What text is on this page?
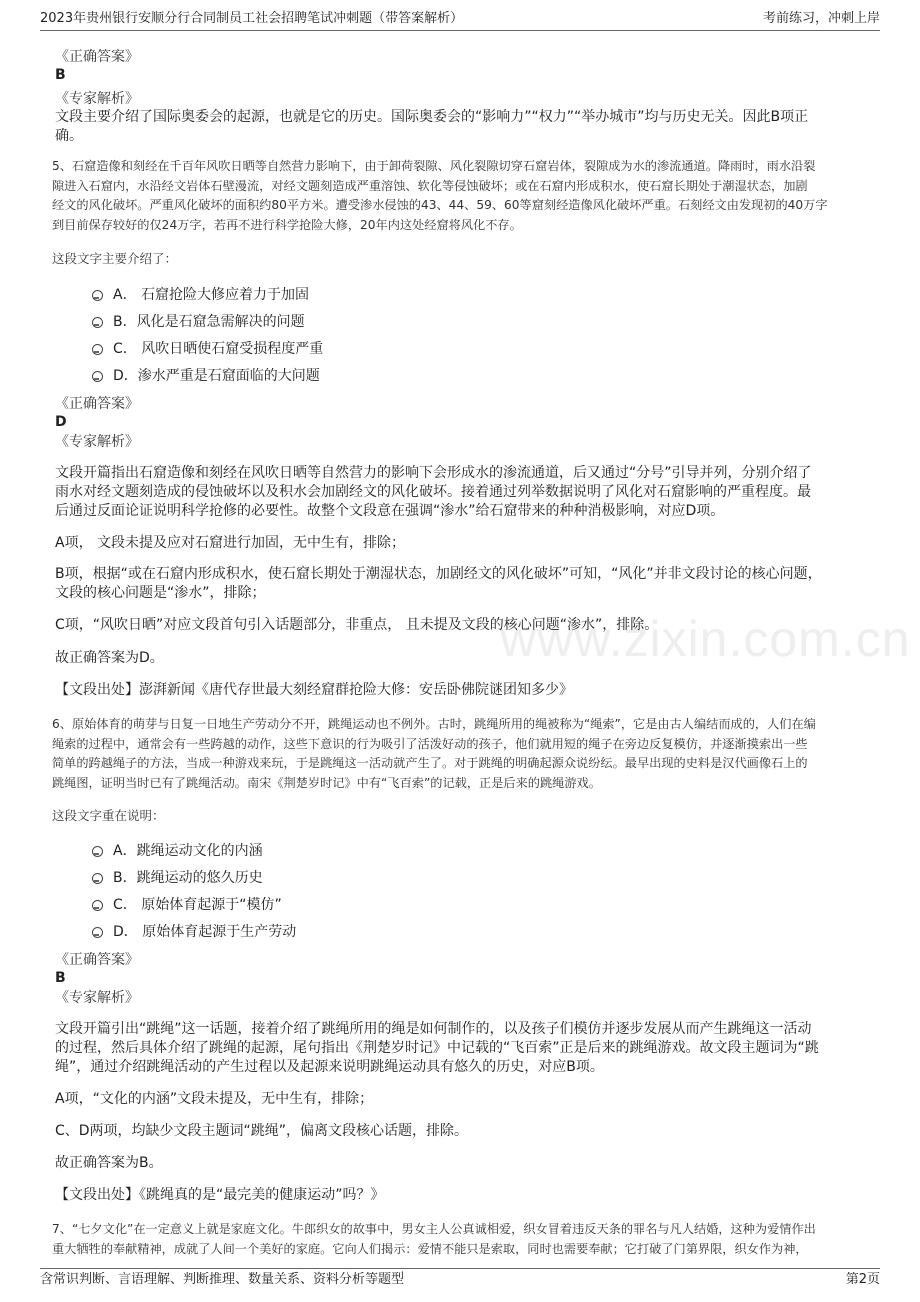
2023年贵州银行安顺分行合同制员工社会招聘笔试冲刺题（带答案解析）	考前练习，冲刺上岸
www.zixin.com.cn
《正确答案》
B
《专家解析》
文段主要介绍了国际奥委会的起源，也就是它的历史。国际奥委会的“影响力”“权力”“举办城市”均与历史无关。因此B项正
确。
5、石窟造像和刻经在千百年风吹日晒等自然营力影响下，由于卸荷裂隙、风化裂隙切穿石窟岩体，裂隙成为水的渗流通道。降雨时，雨水沿裂
隙进入石窟内，水沿经文岩体石壁漫流，对经文题刻造成严重溶蚀、软化等侵蚀破坏；或在石窟内形成积水，使石窟长期处于潮湿状态，加剧
经文的风化破坏。严重风化破坏的面积约80平方米。遭受渗水侵蚀的43、44、59、60等窟刻经造像风化破坏严重。石刻经文由发现初的40万字
到目前保存较好的仅24万字，若再不进行科学抢险大修，20年内这处经窟将风化不存。
这段文字主要介绍了：
A． 石窟抢险大修应着力于加固
B．风化是石窟急需解决的问题
C． 风吹日晒使石窟受损程度严重
D．渗水严重是石窟面临的大问题
《正确答案》
D
《专家解析》
文段开篇指出石窟造像和刻经在风吹日晒等自然营力的影响下会形成水的渗流通道，后又通过“分号”引导并列，分别介绍了
雨水对经文题刻造成的侵蚀破坏以及积水会加剧经文的风化破坏。接着通过列举数据说明了风化对石窟影响的严重程度。最
后通过反面论证说明科学抢修的必要性。故整个文段意在强调“渗水”给石窟带来的种种消极影响，对应D项。
A项， 文段未提及应对石窟进行加固，无中生有，排除；
B项，根据“或在石窟内形成积水，使石窟长期处于潮湿状态，加剧经文的风化破坏”可知，“风化”并非文段讨论的核心问题，
文段的核心问题是“渗水”，排除；
C项，“风吹日晒”对应文段首句引入话题部分，非重点， 且未提及文段的核心问题“渗水”，排除。
故正确答案为D。
【文段出处】澎湃新闻《唐代存世最大刻经窟群抢险大修：安岳卧佛院谜团知多少》
6、原始体育的萌芽与日复一日地生产劳动分不开，跳绳运动也不例外。古时，跳绳所用的绳被称为“绳索”，它是由古人编结而成的，人们在编
绳索的过程中，通常会有一些跨越的动作，这些下意识的行为吸引了活泼好动的孩子，他们就用短的绳子在旁边反复模仿，并逐渐摸索出一些
简单的跨越绳子的方法，当成一种游戏来玩，于是跳绳这一活动就产生了。对于跳绳的明确起源众说纷纭。最早出现的史料是汉代画像石上的
跳绳图，证明当时已有了跳绳活动。南宋《荆楚岁时记》中有“飞百索”的记载，正是后来的跳绳游戏。
这段文字重在说明：
A．跳绳运动文化的内涵
B．跳绳运动的悠久历史
C． 原始体育起源于“模仿”
D． 原始体育起源于生产劳动
《正确答案》
B
《专家解析》
文段开篇引出“跳绳”这一话题，接着介绍了跳绳所用的绳是如何制作的，以及孩子们模仿并逐步发展从而产生跳绳这一活动
的过程，然后具体介绍了跳绳的起源，尾句指出《荆楚岁时记》中记载的“飞百索”正是后来的跳绳游戏。故文段主题词为“跳
绳”，通过介绍跳绳活动的产生过程以及起源来说明跳绳运动具有悠久的历史，对应B项。
A项，“文化的内涵”文段未提及，无中生有，排除；
C、D两项，均缺少文段主题词“跳绳”，偏离文段核心话题，排除。
故正确答案为B。
【文段出处】《跳绳真的是“最完美的健康运动”吗？》
7、“七夕文化”在一定意义上就是家庭文化。牛郎织女的故事中，男女主人公真诚相爱，织女冒着违反天条的罪名与凡人结婚，这种为爱情作出
重大牺牲的奉献精神，成就了人间一个美好的家庭。它向人们揭示：爱情不能只是索取，同时也需要奉献；它打破了门第界限，织女作为神，
含常识判断、言语理解、判断推理、数量关系、资料分析等题型	第2页
